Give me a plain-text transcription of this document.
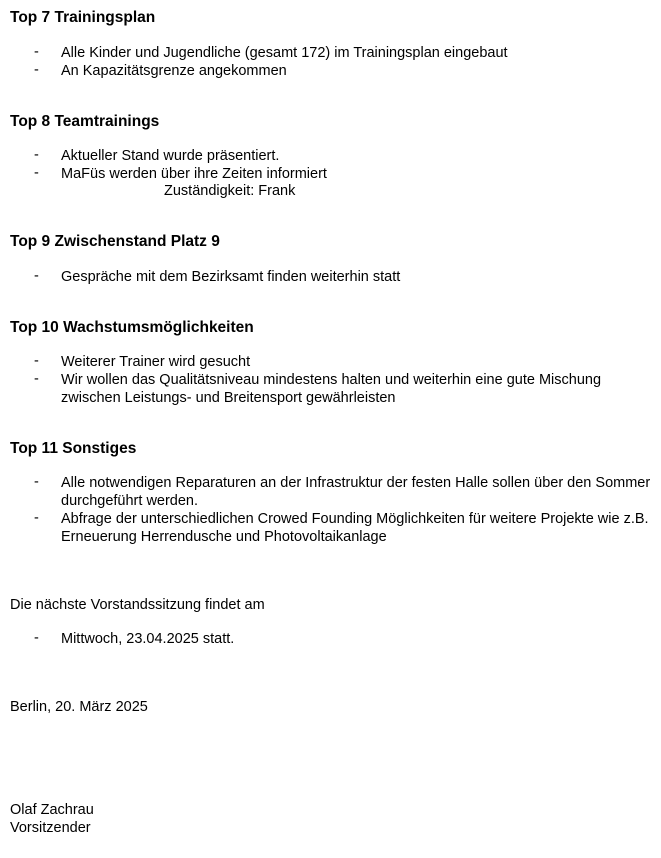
Top 7 Trainingsplan
- Alle Kinder und Jugendliche (gesamt 172) im Trainingsplan eingebaut
- An Kapazitätsgrenze angekommen
Top 8 Teamtrainings
- Aktueller Stand wurde präsentiert.
- MaFüs werden über ihre Zeiten informiert
Zuständigkeit: Frank
Top 9 Zwischenstand Platz 9
- Gespräche mit dem Bezirksamt finden weiterhin statt
Top 10 Wachstumsmöglichkeiten
- Weiterer Trainer wird gesucht
- Wir wollen das Qualitätsniveau mindestens halten und weiterhin eine gute Mischung zwischen Leistungs- und Breitensport gewährleisten
Top 11 Sonstiges
- Alle notwendigen Reparaturen an der Infrastruktur der festen Halle sollen über den Sommer durchgeführt werden.
- Abfrage der unterschiedlichen Crowed Founding Möglichkeiten für weitere Projekte wie z.B. Erneuerung Herrendusche und Photovoltaikanlage
Die nächste Vorstandssitzung findet am
- Mittwoch, 23.04.2025 statt.
Berlin, 20. März 2025
Olaf Zachrau
Vorsitzender
